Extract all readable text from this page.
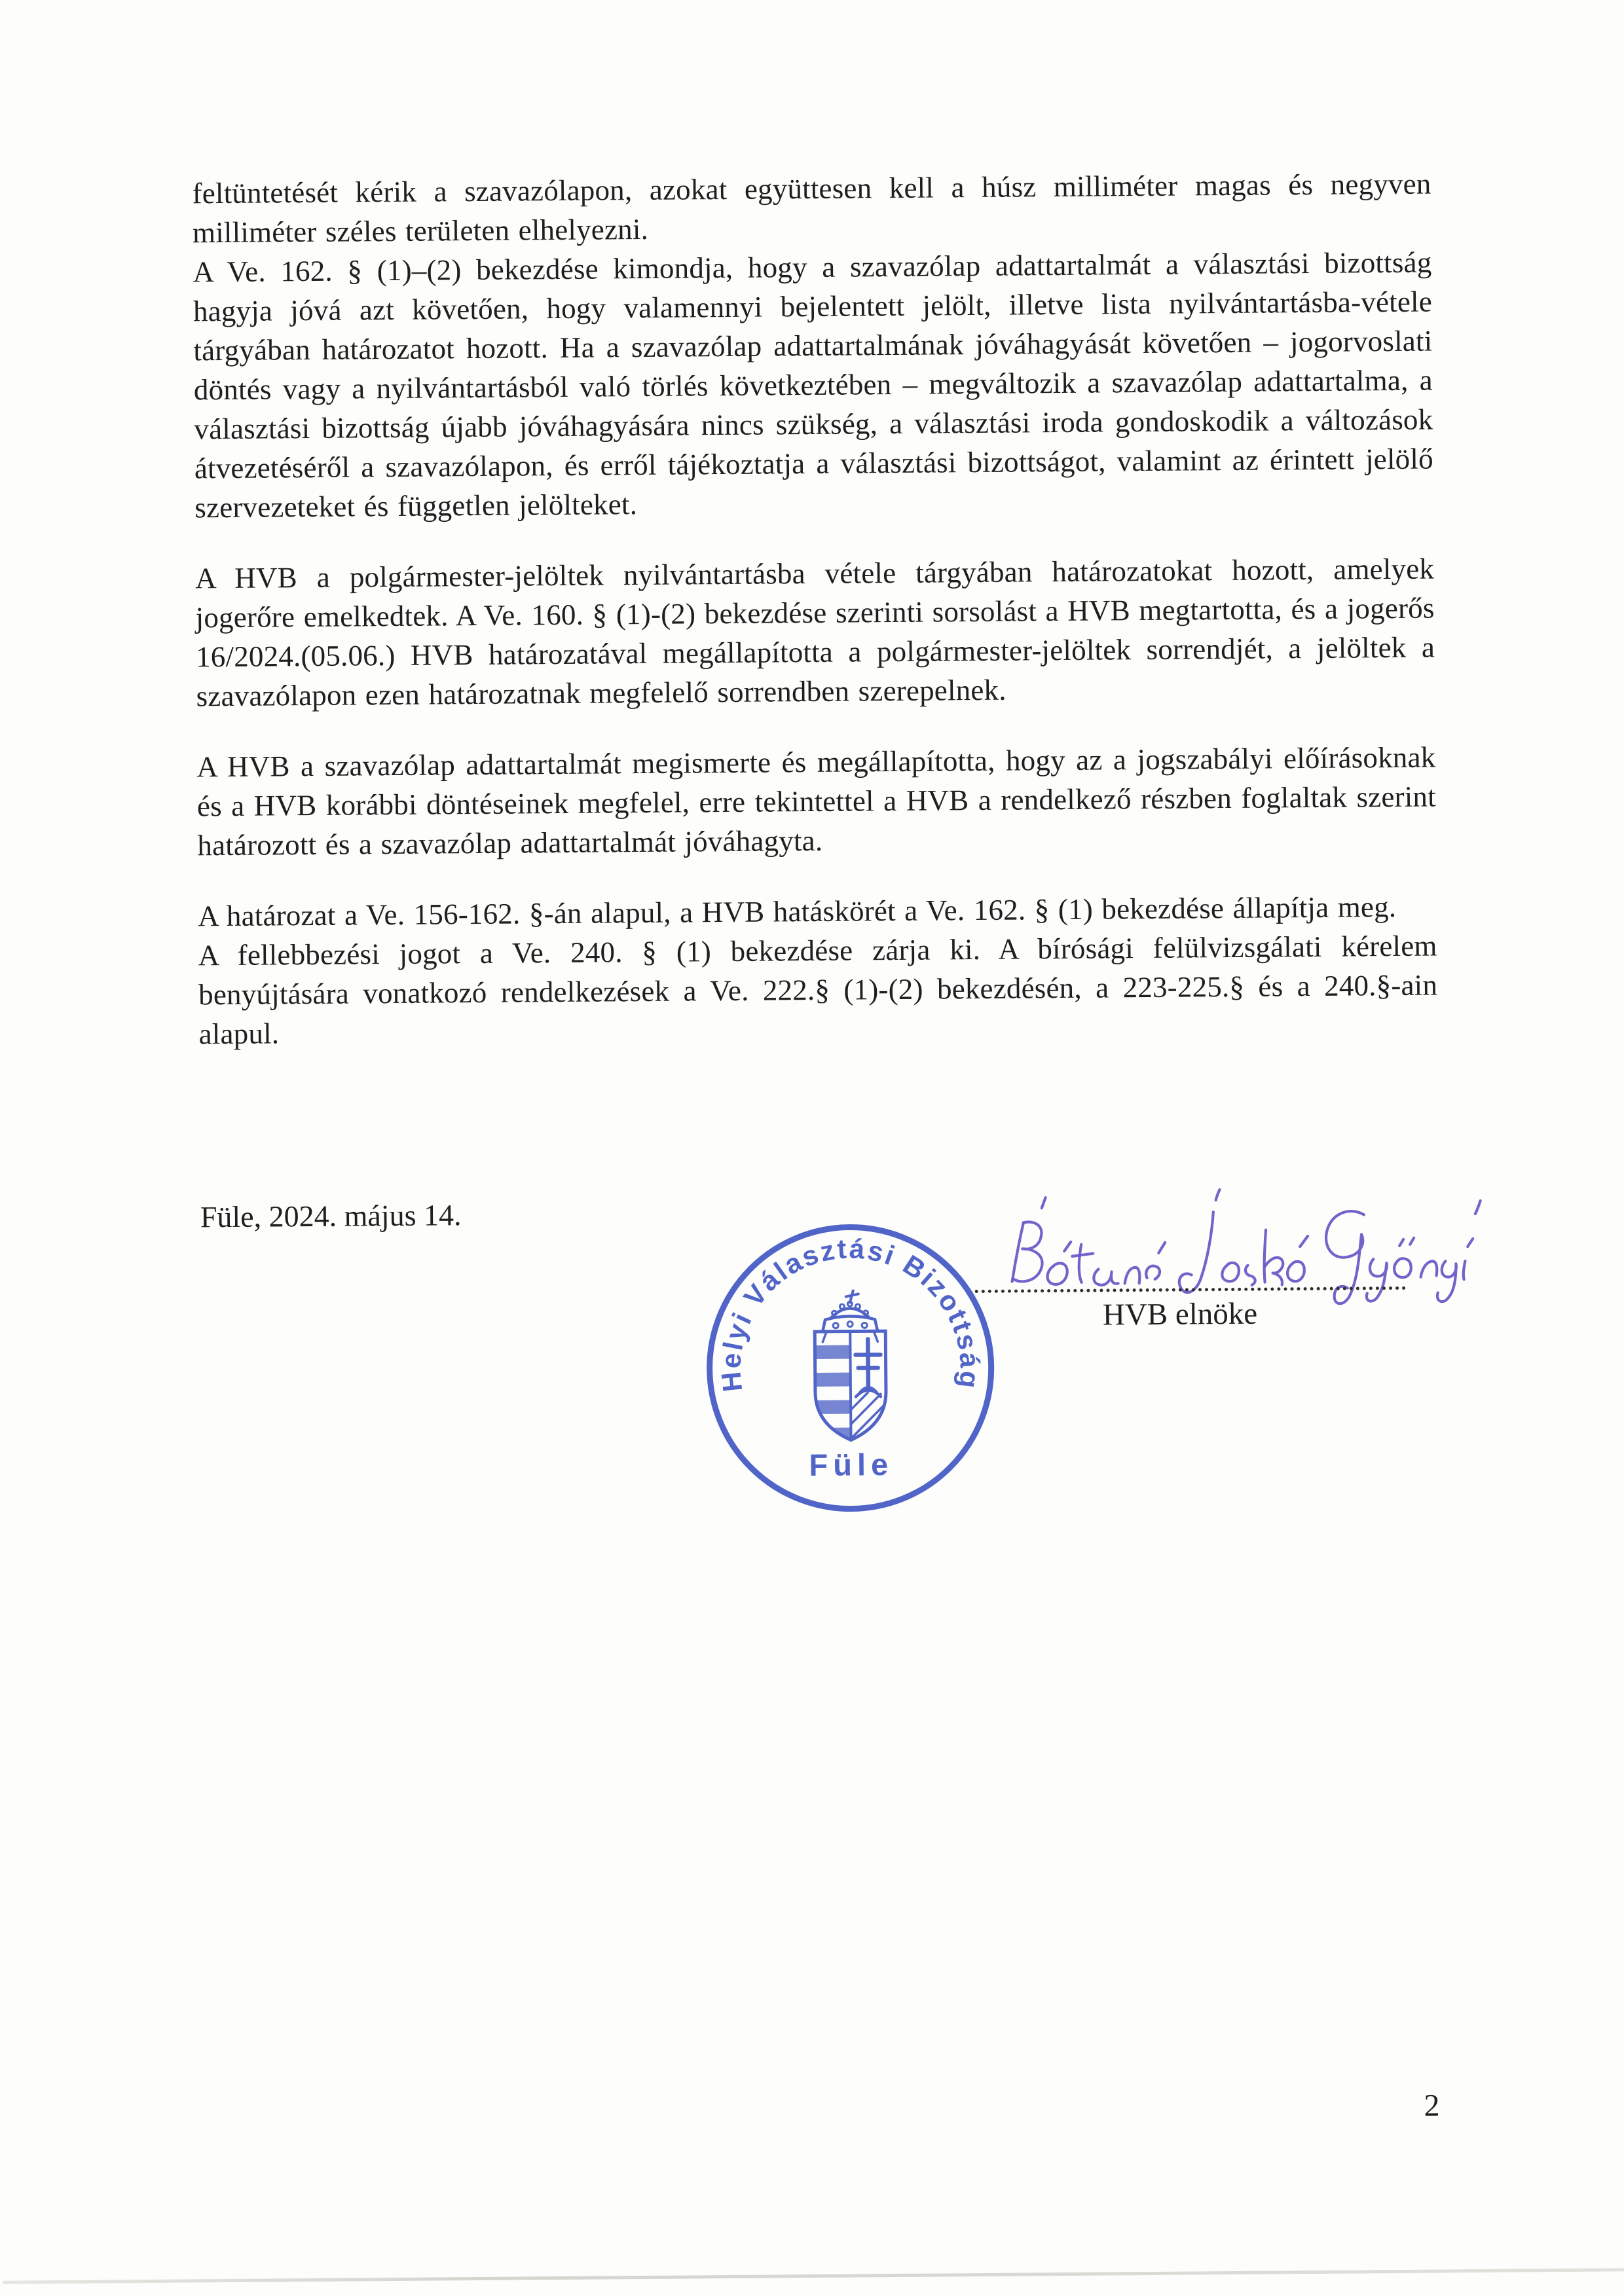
feltüntetését kérik a szavazólapon, azokat együttesen kell a húsz milliméter magas és negyven milliméter széles területen elhelyezni.

A Ve. 162. § (1)–(2) bekezdése kimondja, hogy a szavazólap adattartalmát a választási bizottság hagyja jóvá azt követően, hogy valamennyi bejelentett jelölt, illetve lista nyilvántartásba-vétele tárgyában határozatot hozott. Ha a szavazólap adattartalmának jóváhagyását követően – jogorvoslati döntés vagy a nyilvántartásból való törlés következtében – megváltozik a szavazólap adattartalma, a választási bizottság újabb jóváhagyására nincs szükség, a választási iroda gondoskodik a változások átvezetéséről a szavazólapon, és erről tájékoztatja a választási bizottságot, valamint az érintett jelölő szervezeteket és független jelölteket.

A HVB a polgármester-jelöltek nyilvántartásba vétele tárgyában határozatokat hozott, amelyek jogerőre emelkedtek. A Ve. 160. § (1)-(2) bekezdése szerinti sorsolást a HVB megtartotta, és a jogerős 16/2024.(05.06.) HVB határozatával megállapította a polgármester-jelöltek sorrendjét, a jelöltek a szavazólapon ezen határozatnak megfelelő sorrendben szerepelnek.

A HVB a szavazólap adattartalmát megismerte és megállapította, hogy az a jogszabályi előírásoknak és a HVB korábbi döntéseinek megfelel, erre tekintettel a HVB a rendelkező részben foglaltak szerint határozott és a szavazólap adattartalmát jóváhagyta.

A határozat a Ve. 156-162. §-án alapul, a HVB hatáskörét a Ve. 162. § (1) bekezdése állapítja meg.

A fellebbezési jogot a Ve. 240. § (1) bekezdése zárja ki. A bírósági felülvizsgálati kérelem benyújtására vonatkozó rendelkezések a Ve. 222.§ (1)-(2) bekezdésén, a 223-225.§ és a 240.§-ain alapul.

Füle, 2024. május 14.
Helyi Választási Bizottság
Füle
HVB elnöke
2
